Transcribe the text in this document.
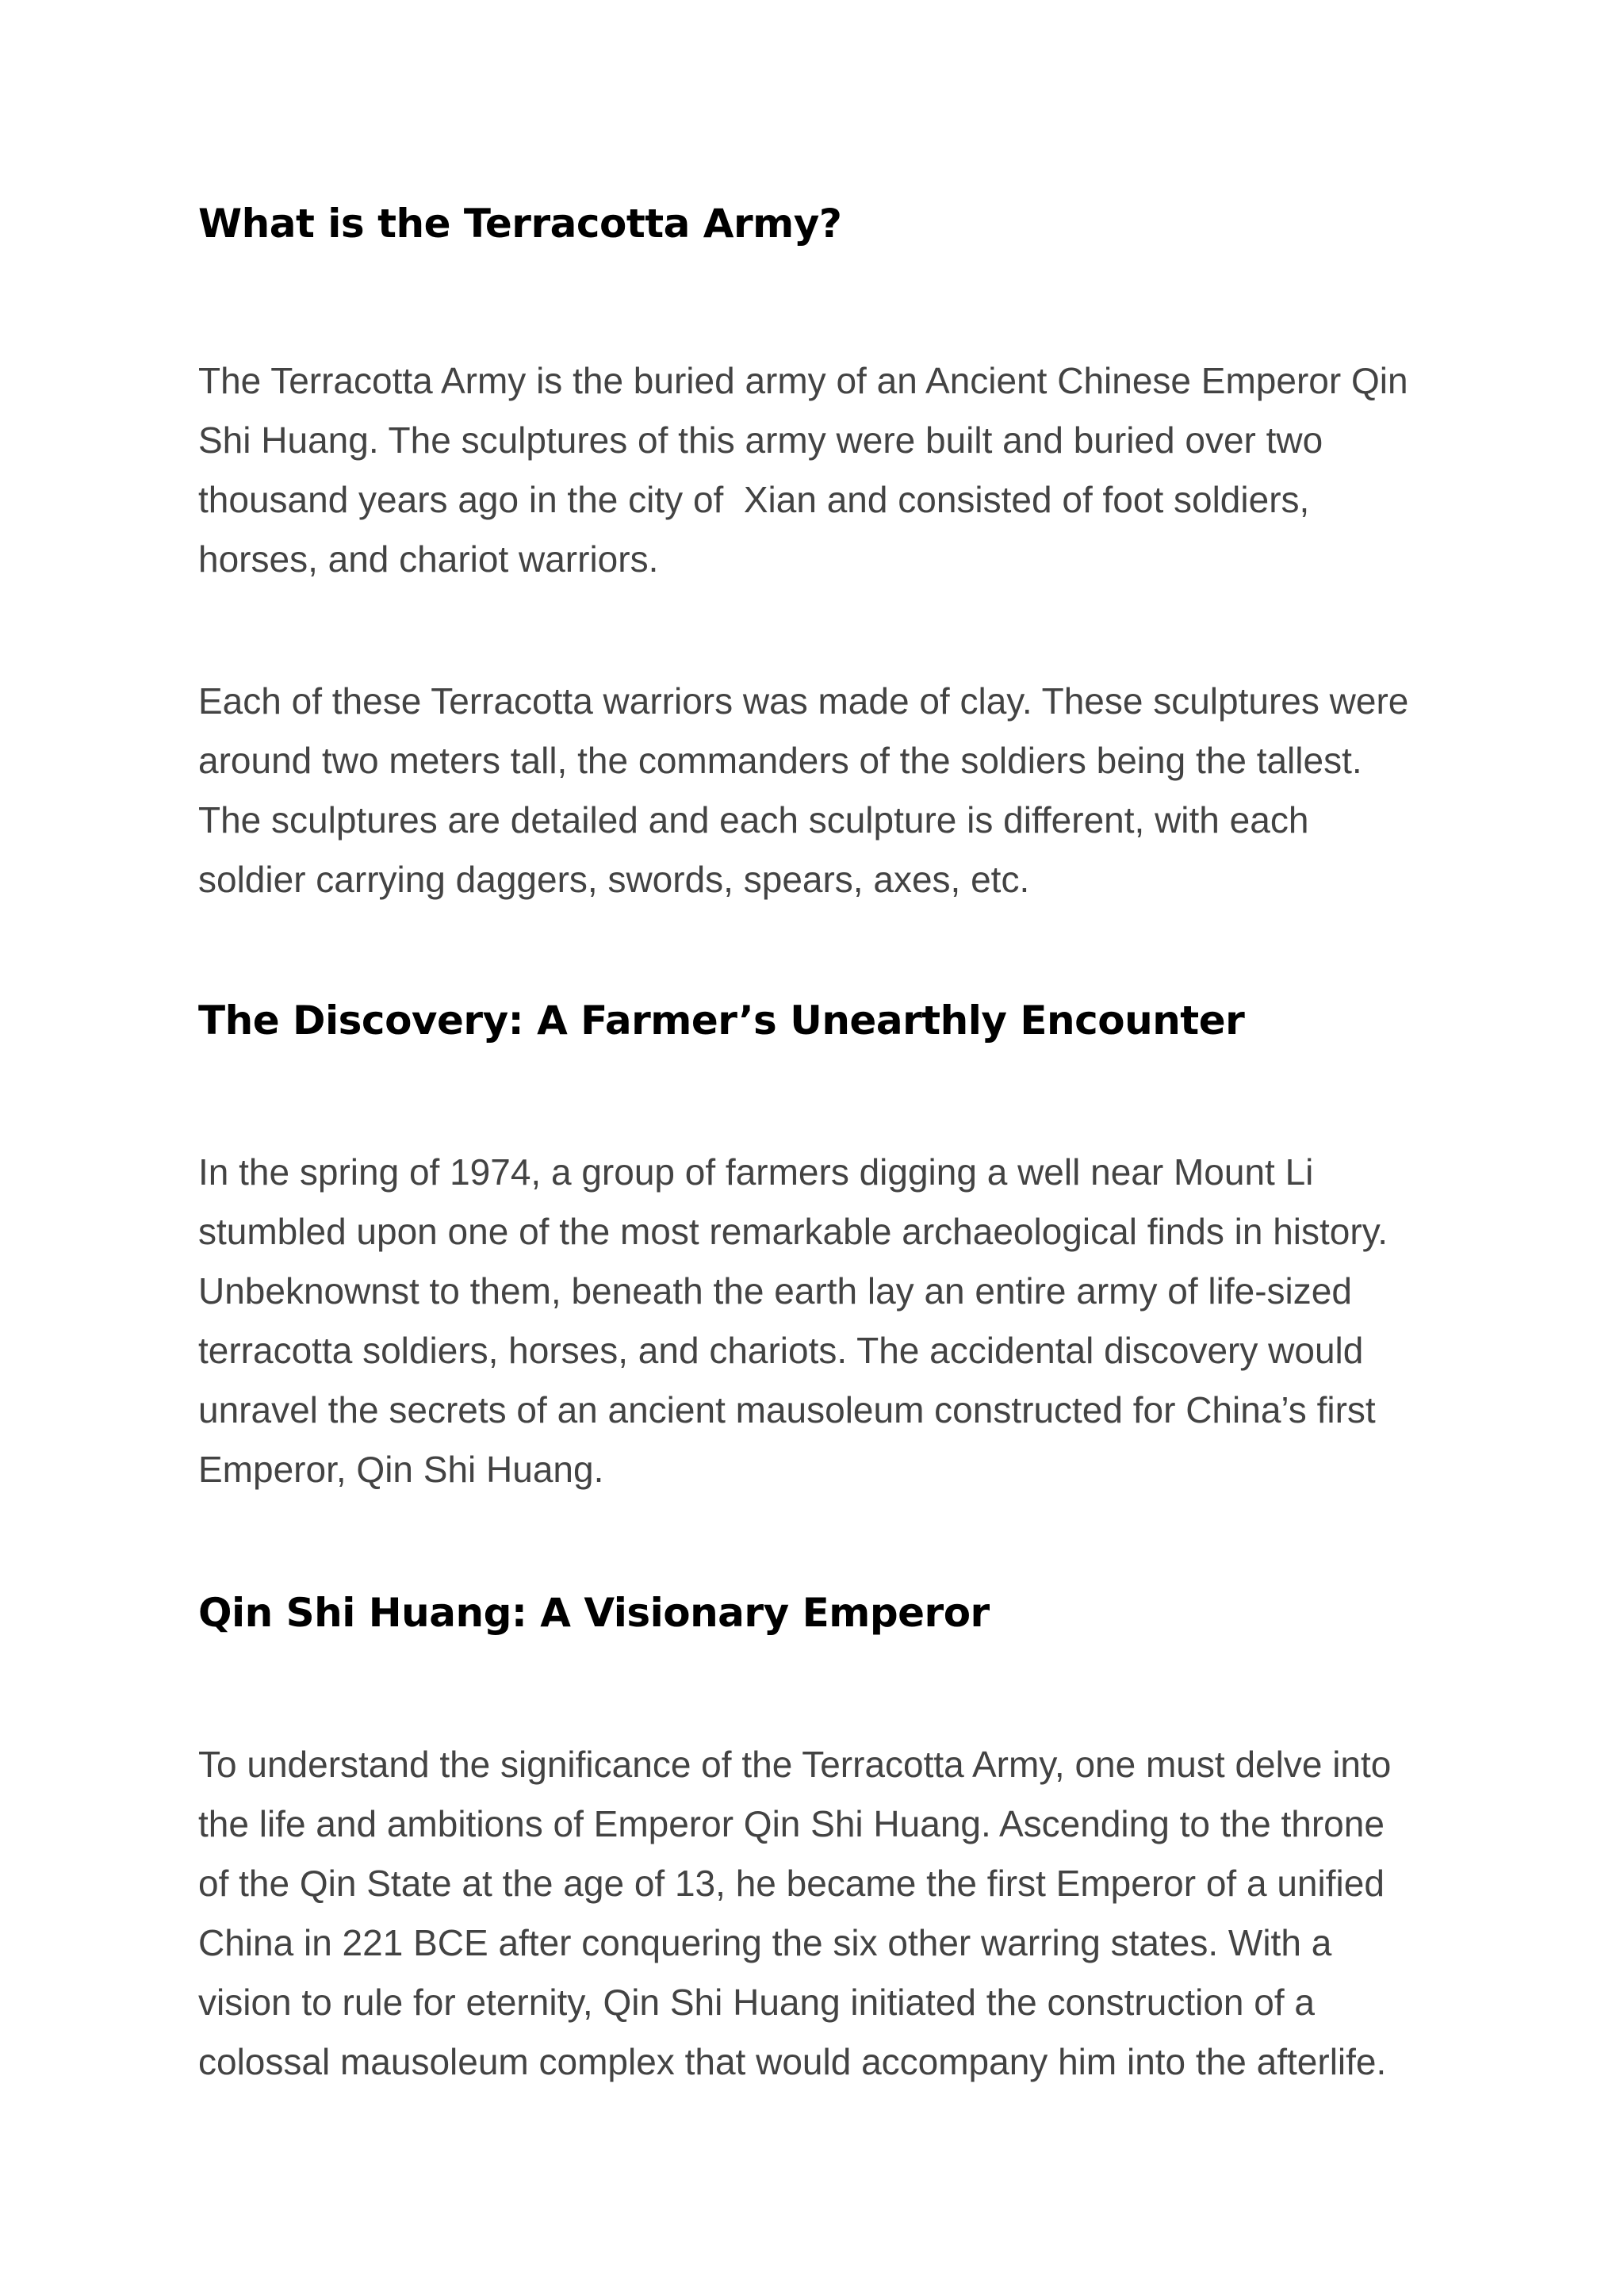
What is the Terracotta Army?

The Terracotta Army is the buried army of an Ancient Chinese Emperor Qin
Shi Huang. The sculptures of this army were built and buried over two
thousand years ago in the city of  Xian and consisted of foot soldiers,
horses, and chariot warriors.

Each of these Terracotta warriors was made of clay. These sculptures were
around two meters tall, the commanders of the soldiers being the tallest.
The sculptures are detailed and each sculpture is different, with each
soldier carrying daggers, swords, spears, axes, etc.

The Discovery: A Farmer’s Unearthly Encounter

In the spring of 1974, a group of farmers digging a well near Mount Li
stumbled upon one of the most remarkable archaeological finds in history.
Unbeknownst to them, beneath the earth lay an entire army of life-sized
terracotta soldiers, horses, and chariots. The accidental discovery would
unravel the secrets of an ancient mausoleum constructed for China’s first
Emperor, Qin Shi Huang.

Qin Shi Huang: A Visionary Emperor

To understand the significance of the Terracotta Army, one must delve into
the life and ambitions of Emperor Qin Shi Huang. Ascending to the throne
of the Qin State at the age of 13, he became the first Emperor of a unified
China in 221 BCE after conquering the six other warring states. With a
vision to rule for eternity, Qin Shi Huang initiated the construction of a
colossal mausoleum complex that would accompany him into the afterlife.
